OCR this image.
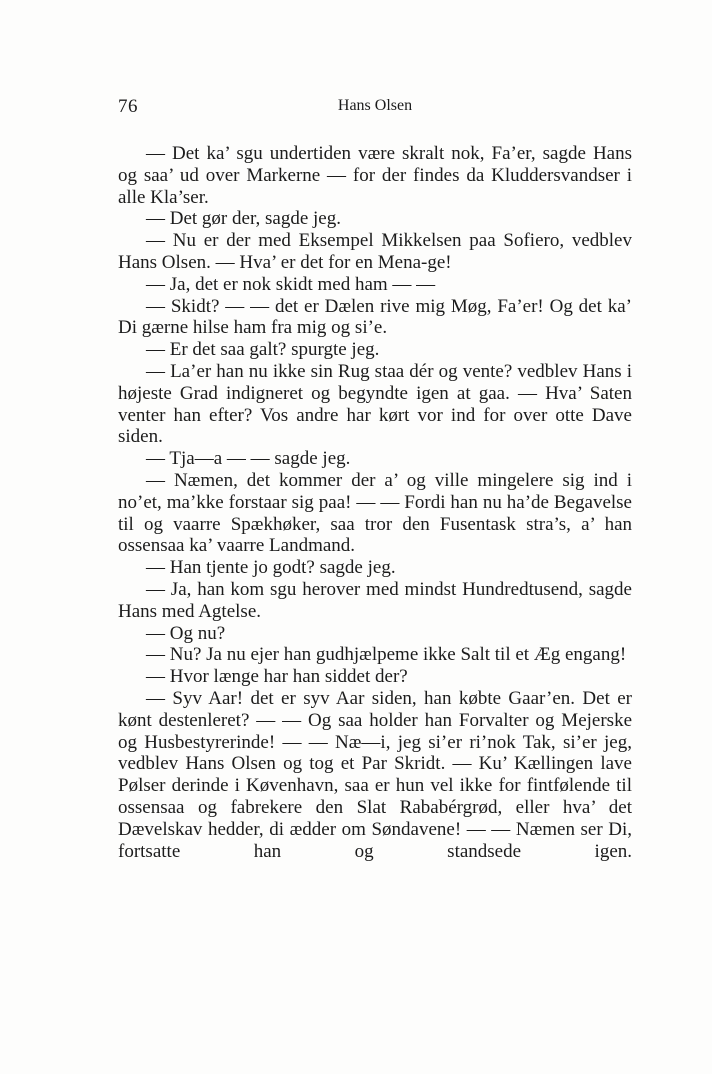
76	Hans Olsen

— Det ka’ sgu undertiden være skralt nok, Fa’er, sagde Hans og saa’ ud over Markerne — for der findes da Kluddersvandser i alle Kla’ser.

— Det gør der, sagde jeg.

— Nu er der med Eksempel Mikkelsen paa Sofiero, vedblev Hans Olsen. — Hva’ er det for en Mena-ge!

— Ja, det er nok skidt med ham — —

— Skidt? — — det er Dælen rive mig Møg, Fa’er! Og det ka’ Di gærne hilse ham fra mig og si’e.

— Er det saa galt? spurgte jeg.

— La’er han nu ikke sin Rug staa dér og vente? vedblev Hans i højeste Grad indigneret og begyndte igen at gaa. — Hva’ Saten venter han efter? Vos andre har kørt vor ind for over otte Dave siden.

— Tja—a — — sagde jeg.

— Næmen, det kommer der a’ og ville mingelere sig ind i no’et, ma’kke forstaar sig paa! — — Fordi han nu ha’de Begavelse til og vaarre Spækhøker, saa tror den Fusentask stra’s, a’ han ossensaa ka’ vaarre Landmand.

— Han tjente jo godt? sagde jeg.

— Ja, han kom sgu herover med mindst Hundredtusend, sagde Hans med Agtelse.

— Og nu?

— Nu? Ja nu ejer han gudhjælpeme ikke Salt til et Æg engang!

— Hvor længe har han siddet der?

— Syv Aar! det er syv Aar siden, han købte Gaar’en. Det er kønt destenleret? — — Og saa holder han Forvalter og Mejerske og Husbestyrerinde! — — Næ—i, jeg si’er ri’nok Tak, si’er jeg, vedblev Hans Olsen og tog et Par Skridt. — Ku’ Kællingen lave Pølser derinde i Køvenhavn, saa er hun vel ikke for fintfølende til ossensaa og fabrekere den Slat Rababérgrød, eller hva’ det Dævelskav hedder, di ædder om Søndavene! — — Næmen ser Di, fortsatte han og standsede igen.
